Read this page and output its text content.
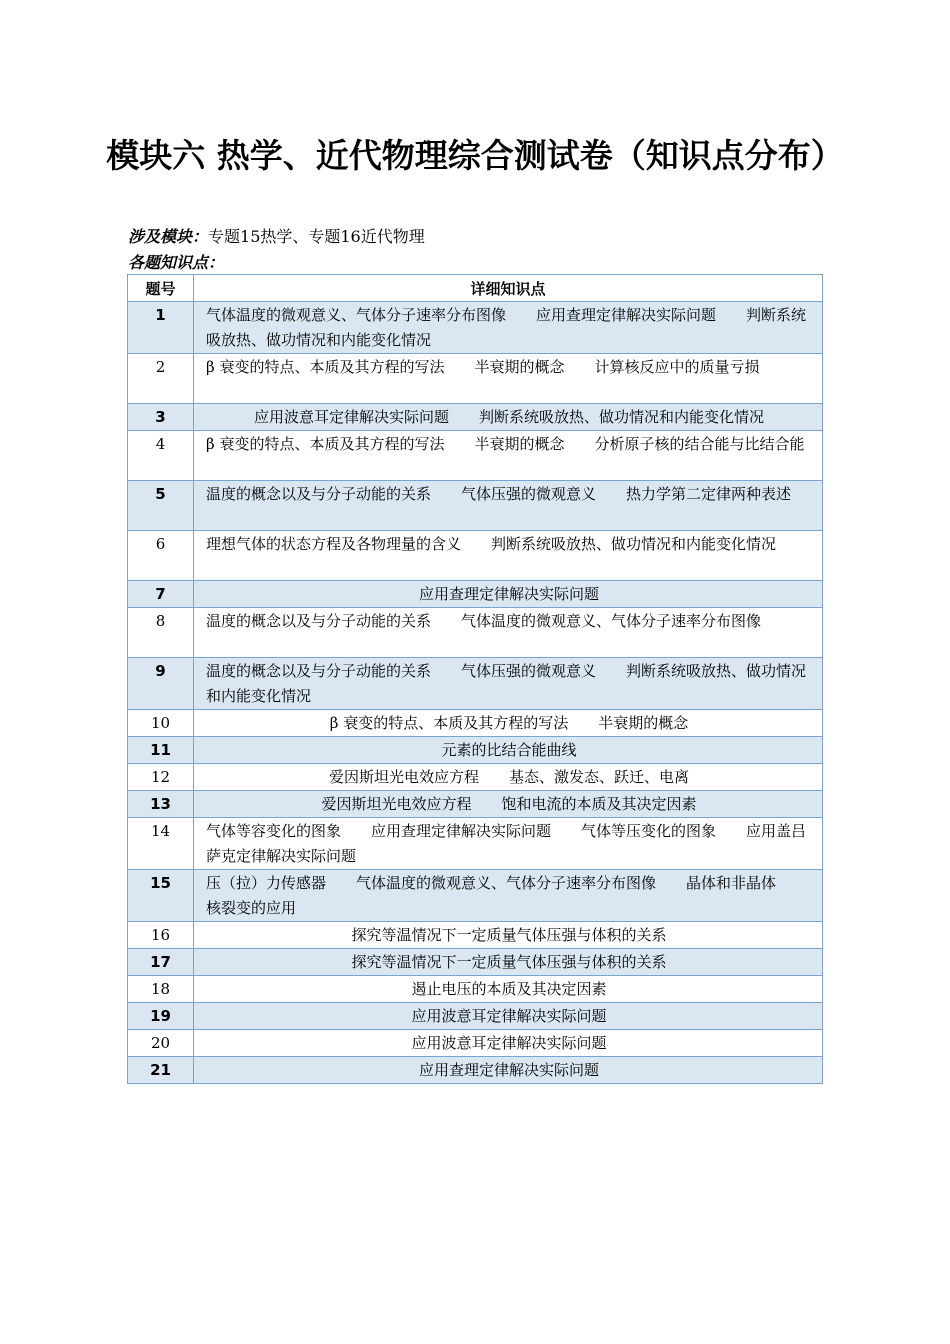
模块六 热学、近代物理综合测试卷（知识点分布）
涉及模块：专题15热学、专题16近代物理
各题知识点：
题号	详细知识点
1	气体温度的微观意义、气体分子速率分布图像　　应用查理定律解决实际问题　　判断系统吸放热、做功情况和内能变化情况
2	β 衰变的特点、本质及其方程的写法　　半衰期的概念　　计算核反应中的质量亏损
3	应用波意耳定律解决实际问题　　判断系统吸放热、做功情况和内能变化情况
4	β 衰变的特点、本质及其方程的写法　　半衰期的概念　　分析原子核的结合能与比结合能
5	温度的概念以及与分子动能的关系　　气体压强的微观意义　　热力学第二定律两种表述
6	理想气体的状态方程及各物理量的含义　　判断系统吸放热、做功情况和内能变化情况
7	应用查理定律解决实际问题
8	温度的概念以及与分子动能的关系　　气体温度的微观意义、气体分子速率分布图像
9	温度的概念以及与分子动能的关系　　气体压强的微观意义　　判断系统吸放热、做功情况和内能变化情况
10	β 衰变的特点、本质及其方程的写法　　半衰期的概念
11	元素的比结合能曲线
12	爱因斯坦光电效应方程　　基态、激发态、跃迁、电离
13	爱因斯坦光电效应方程　　饱和电流的本质及其决定因素
14	气体等容变化的图象　　应用查理定律解决实际问题　　气体等压变化的图象　　应用盖吕萨克定律解决实际问题
15	压（拉）力传感器　　气体温度的微观意义、气体分子速率分布图像　　晶体和非晶体　　核裂变的应用
16	探究等温情况下一定质量气体压强与体积的关系
17	探究等温情况下一定质量气体压强与体积的关系
18	遏止电压的本质及其决定因素
19	应用波意耳定律解决实际问题
20	应用波意耳定律解决实际问题
21	应用查理定律解决实际问题
